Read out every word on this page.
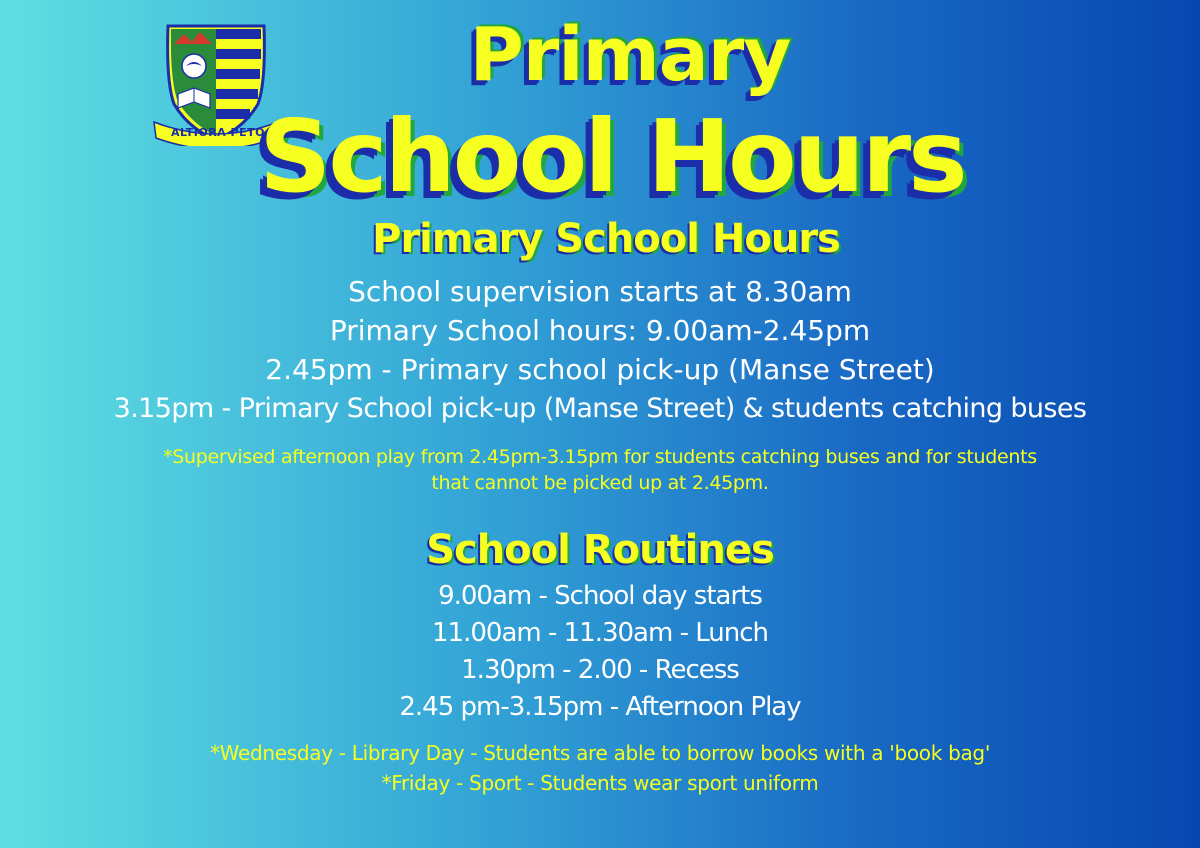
ALTIORA PETO
Primary
School Hours
Primary School Hours
School supervision starts at 8.30am
Primary School hours: 9.00am-2.45pm
2.45pm - Primary school pick-up (Manse Street)
3.15pm - Primary School pick-up (Manse Street) & students catching buses
*Supervised afternoon play from 2.45pm-3.15pm for students catching buses and for students
that cannot be picked up at 2.45pm.
School Routines
9.00am - School day starts
11.00am - 11.30am - Lunch
1.30pm - 2.00 - Recess
2.45 pm-3.15pm - Afternoon Play
*Wednesday - Library Day - Students are able to borrow books with a 'book bag'
*Friday - Sport - Students wear sport uniform
